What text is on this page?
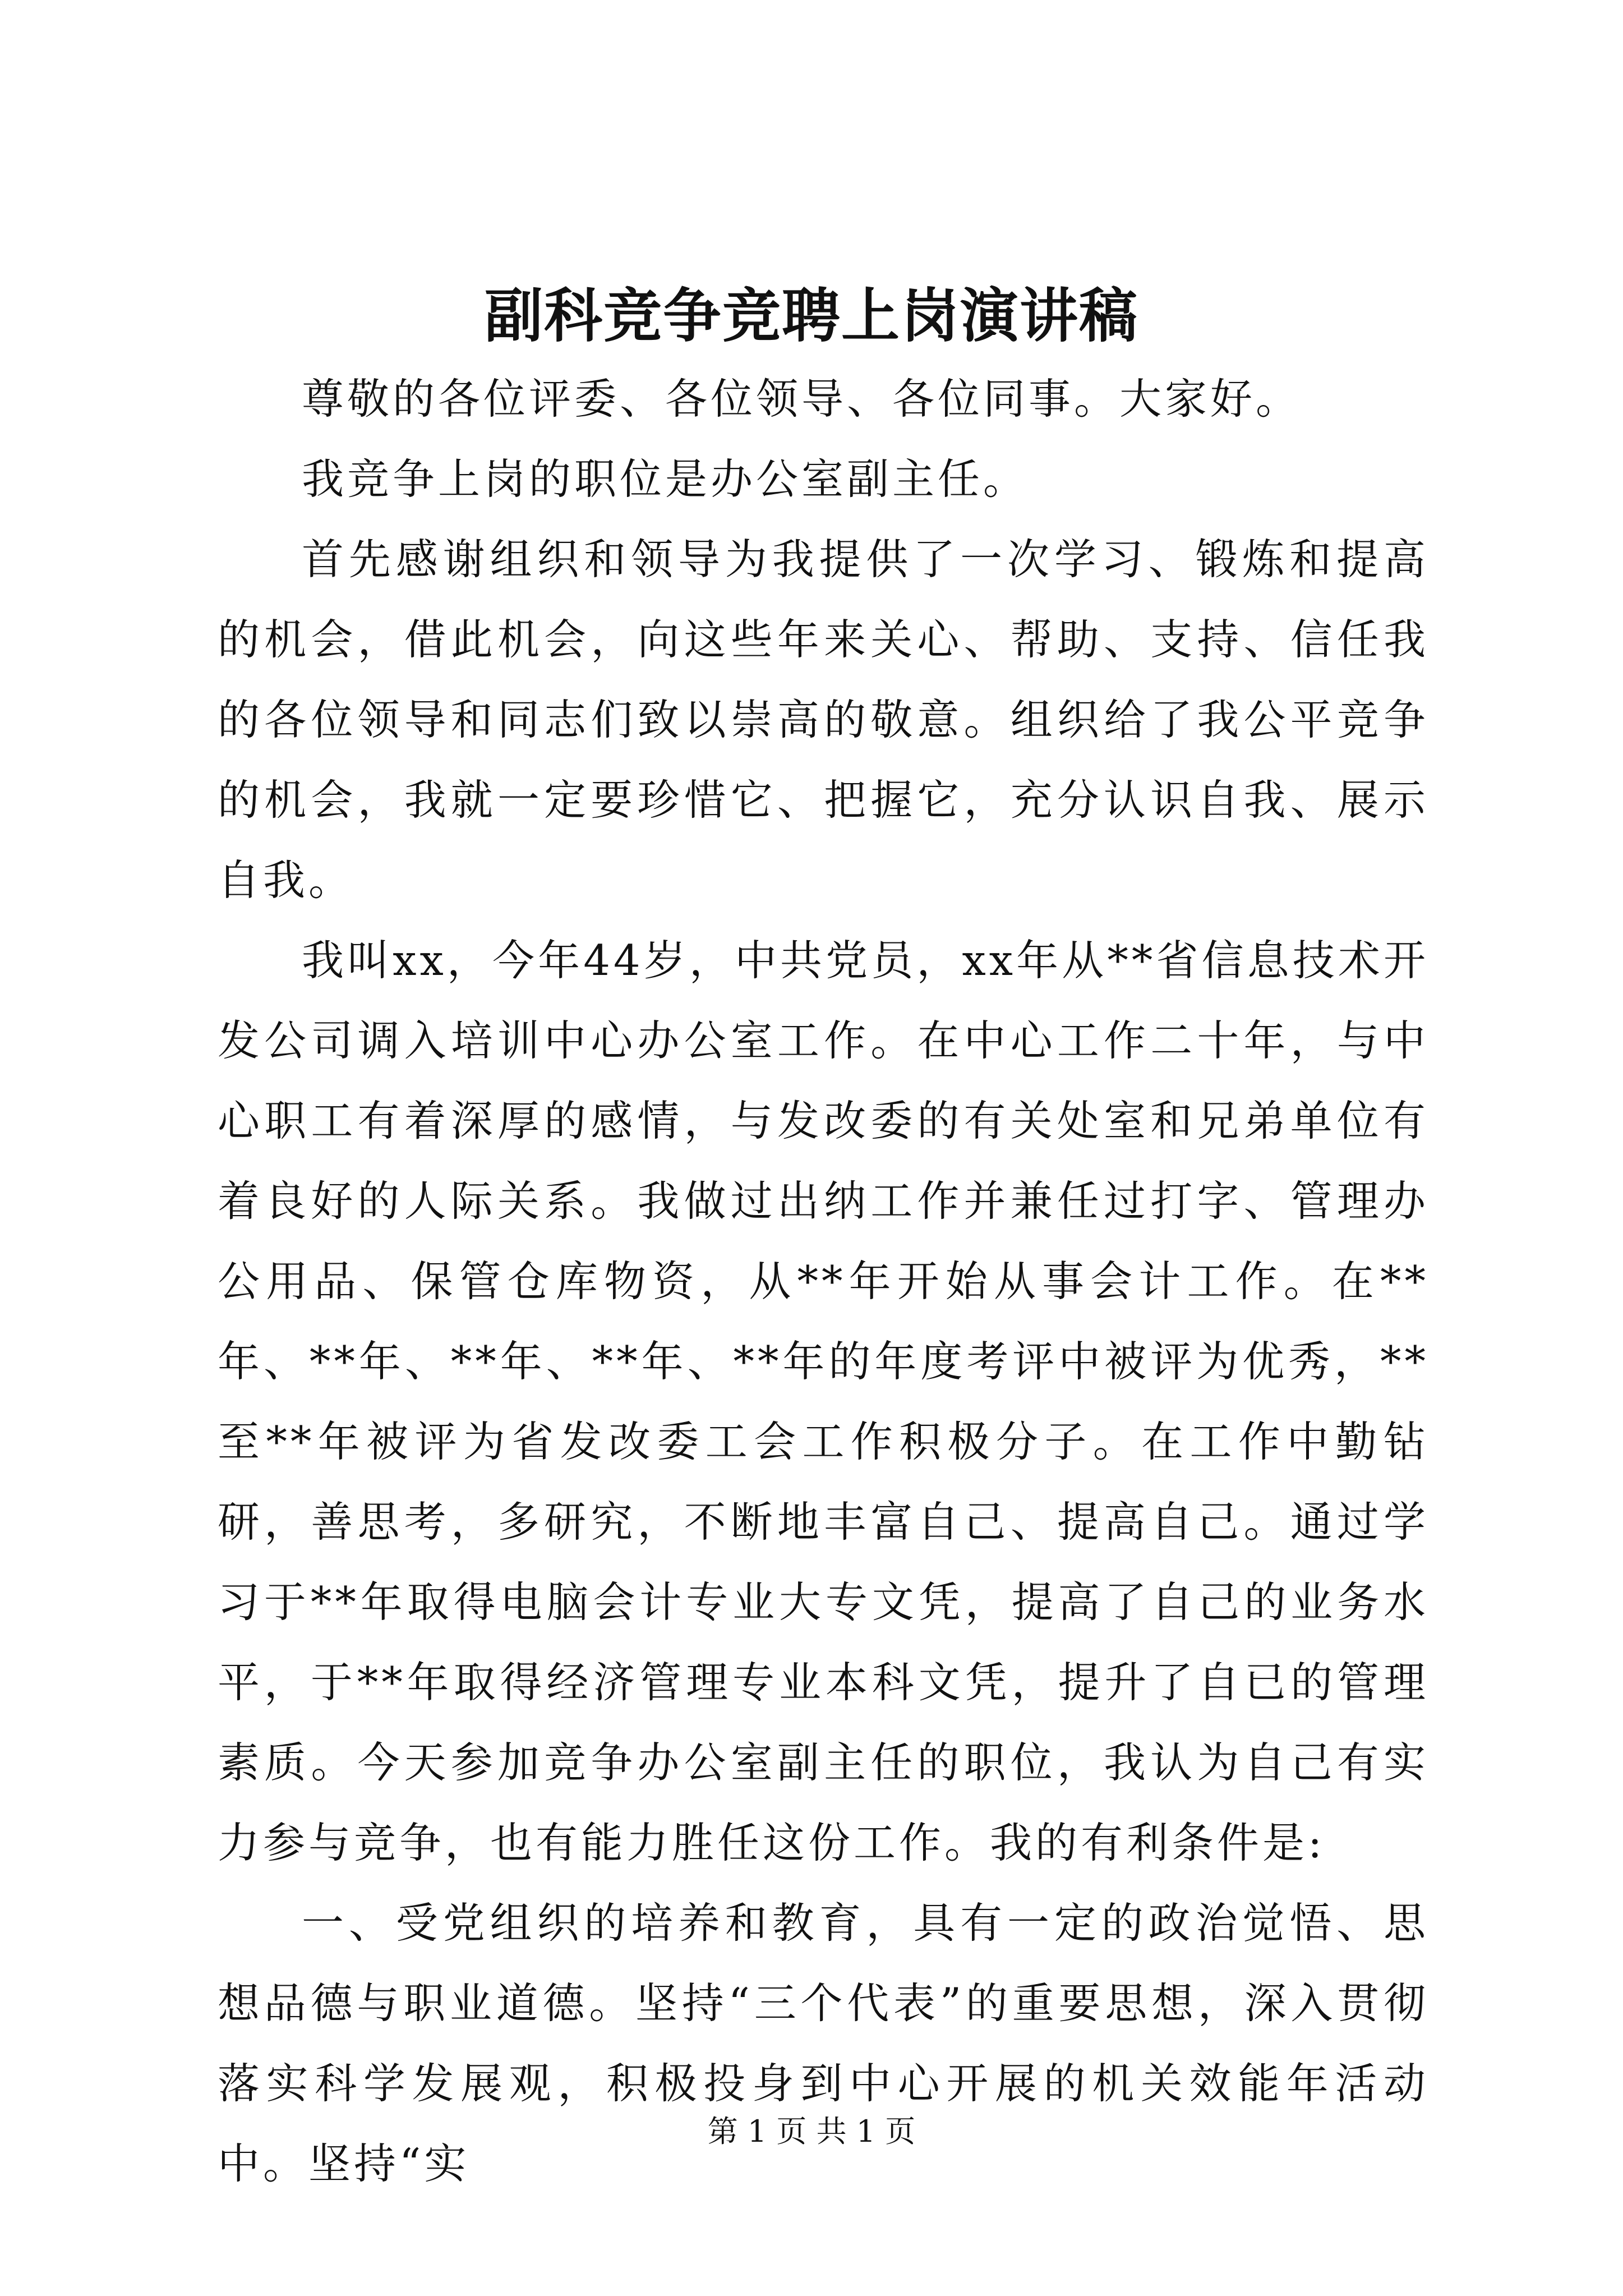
副科竞争竞聘上岗演讲稿

尊敬的各位评委、各位领导、各位同事。大家好。

我竞争上岗的职位是办公室副主任。

首先感谢组织和领导为我提供了一次学习、锻炼和提高的机会，借此机会，向这些年来关心、帮助、支持、信任我的各位领导和同志们致以崇高的敬意。组织给了我公平竞争的机会，我就一定要珍惜它、把握它，充分认识自我、展示自我。

我叫xx，今年44岁，中共党员，xx年从**省信息技术开发公司调入培训中心办公室工作。在中心工作二十年，与中心职工有着深厚的感情，与发改委的有关处室和兄弟单位有着良好的人际关系。我做过出纳工作并兼任过打字、管理办公用品、保管仓库物资，从**年开始从事会计工作。在**年、**年、**年、**年、**年的年度考评中被评为优秀，**至**年被评为省发改委工会工作积极分子。在工作中勤钻研，善思考，多研究，不断地丰富自己、提高自己。通过学习于**年取得电脑会计专业大专文凭，提高了自己的业务水平，于**年取得经济管理专业本科文凭，提升了自已的管理素质。今天参加竞争办公室副主任的职位，我认为自己有实力参与竞争，也有能力胜任这份工作。我的有利条件是:

一、受党组织的培养和教育，具有一定的政治觉悟、思想品德与职业道德。坚持“三个代表”的重要思想，深入贯彻落实科学发展观，积极投身到中心开展的机关效能年活动中。坚持“实

第 1 页 共 1 页
